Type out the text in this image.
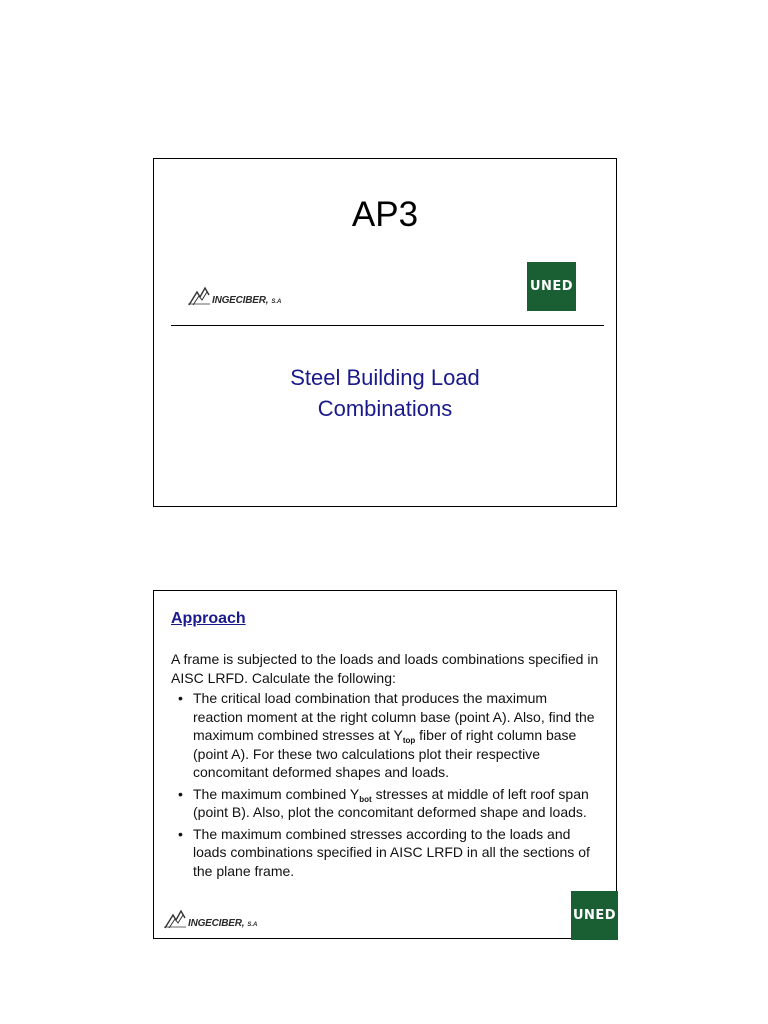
AP3
INGECIBER, S.A
UNED
Steel Building Load
Combinations
Approach

A frame is subjected to the loads and loads combinations specified in AISC LRFD. Calculate the following:

• The critical load combination that produces the maximum reaction moment at the right column base (point A). Also, find the maximum combined stresses at $Y_{top}$ fiber of right column base (point A). For these two calculations plot their respective concomitant deformed shapes and loads.
• The maximum combined $Y_{bot}$ stresses at middle of left roof span (point B). Also, plot the concomitant deformed shape and loads.
• The maximum combined stresses according to the loads and loads combinations specified in AISC LRFD in all the sections of the plane frame.
INGECIBER, S.A
UNED
